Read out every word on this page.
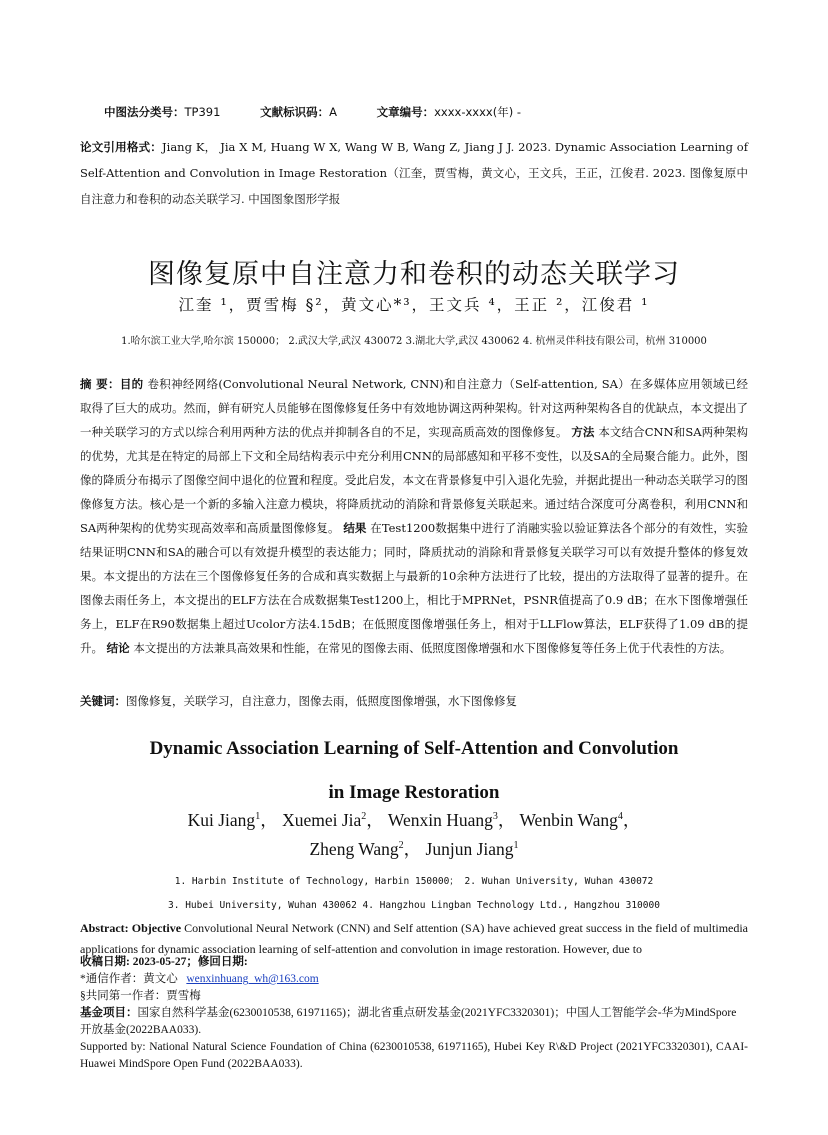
中图法分类号：TP391	文献标识码：A	文章编号：xxxx-xxxx(年) -
论文引用格式：Jiang K， Jia X M, Huang W X, Wang W B, Wang Z, Jiang J J. 2023. Dynamic Association Learning of Self-Attention and Convolution in Image Restoration（江奎，贾雪梅，黄文心，王文兵，王正，江俊君. 2023. 图像复原中自注意力和卷积的动态关联学习. 中国图象图形学报
图像复原中自注意力和卷积的动态关联学习
江奎 ¹，贾雪梅 §²，黄文心*³，王文兵 ⁴，王正 ²，江俊君 ¹
1.哈尔滨工业大学,哈尔滨 150000； 2.武汉大学,武汉 430072 3.湖北大学,武汉 430062 4. 杭州灵伴科技有限公司，杭州 310000
摘 要：目的 卷积神经网络(Convolutional Neural Network, CNN)和自注意力（Self-attention, SA）在多媒体应用领域已经取得了巨大的成功。然而，鲜有研究人员能够在图像修复任务中有效地协调这两种架构。针对这两种架构各自的优缺点，本文提出了一种关联学习的方式以综合利用两种方法的优点并抑制各自的不足，实现高质高效的图像修复。 方法 本文结合CNN和SA两种架构的优势，尤其是在特定的局部上下文和全局结构表示中充分利用CNN的局部感知和平移不变性，以及SA的全局聚合能力。此外，图像的降质分布揭示了图像空间中退化的位置和程度。受此启发，本文在背景修复中引入退化先验，并据此提出一种动态关联学习的图像修复方法。核心是一个新的多输入注意力模块，将降质扰动的消除和背景修复关联起来。通过结合深度可分离卷积，利用CNN和SA两种架构的优势实现高效率和高质量图像修复。 结果 在Test1200数据集中进行了消融实验以验证算法各个部分的有效性，实验结果证明CNN和SA的融合可以有效提升模型的表达能力；同时，降质扰动的消除和背景修复关联学习可以有效提升整体的修复效果。本文提出的方法在三个图像修复任务的合成和真实数据上与最新的10余种方法进行了比较，提出的方法取得了显著的提升。在图像去雨任务上，本文提出的ELF方法在合成数据集Test1200上，相比于MPRNet，PSNR值提高了0.9 dB；在水下图像增强任务上，ELF在R90数据集上超过Ucolor方法4.15dB；在低照度图像增强任务上，相对于LLFlow算法，ELF获得了1.09 dB的提升。 结论 本文提出的方法兼具高效果和性能，在常见的图像去雨、低照度图像增强和水下图像修复等任务上优于代表性的方法。
关键词：图像修复，关联学习，自注意力，图像去雨，低照度图像增强，水下图像修复
Dynamic Association Learning of Self-Attention and Convolution
in Image Restoration
Kui Jiang$^1$， Xuemei Jia$^2$， Wenxin Huang$^3$， Wenbin Wang$^4$，
Zheng Wang$^2$， Junjun Jiang$^1$
1. Harbin Institute of Technology, Harbin 150000； 2. Wuhan University, Wuhan 430072
3. Hubei University, Wuhan 430062 4. Hangzhou Lingban Technology Ltd., Hangzhou 310000
Abstract: Objective Convolutional Neural Network (CNN) and Self attention (SA) have achieved great success in the field of multimedia applications for dynamic association learning of self-attention and convolution in image restoration. However, due to
收稿日期: 2023-05-27；修回日期:
*通信作者：黄文心 wenxinhuang_wh@163.com
§共同第一作者：贾雪梅
基金项目：国家自然科学基金(6230010538, 61971165)；湖北省重点研发基金(2021YFC3320301)；中国人工智能学会-华为MindSpore 开放基金(2022BAA033).
Supported by: National Natural Science Foundation of China (6230010538, 61971165), Hubei Key R\&D Project (2021YFC3320301), CAAI-Huawei MindSpore Open Fund (2022BAA033).
